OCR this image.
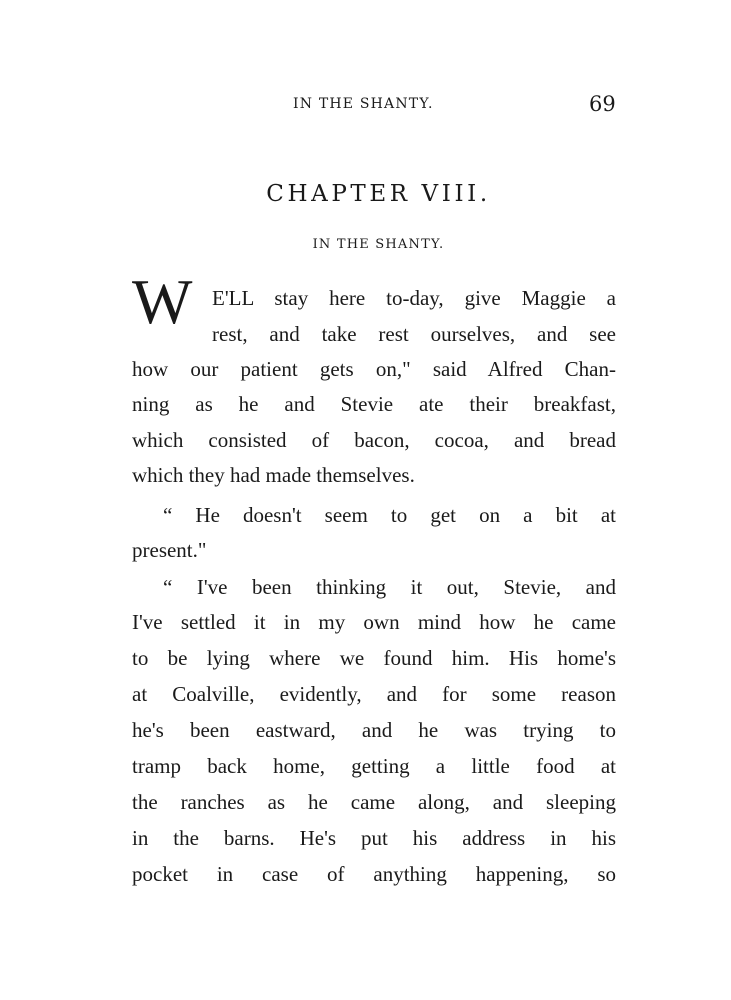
IN THE SHANTY.	69
CHAPTER VIII.
IN THE SHANTY.
W E'LL stay here to-day, give Maggie a
rest, and take rest ourselves, and see
how our patient gets on," said Alfred Chan-
ning as he and Stevie ate their breakfast,
which consisted of bacon, cocoa, and bread
which they had made themselves.
“ He doesn't seem to get on a bit at
present."
“ I've been thinking it out, Stevie, and
I've settled it in my own mind how he came
to be lying where we found him. His home's
at Coalville, evidently, and for some reason
he's been eastward, and he was trying to
tramp back home, getting a little food at
the ranches as he came along, and sleeping
in the barns. He's put his address in his
pocket in case of anything happening, so
